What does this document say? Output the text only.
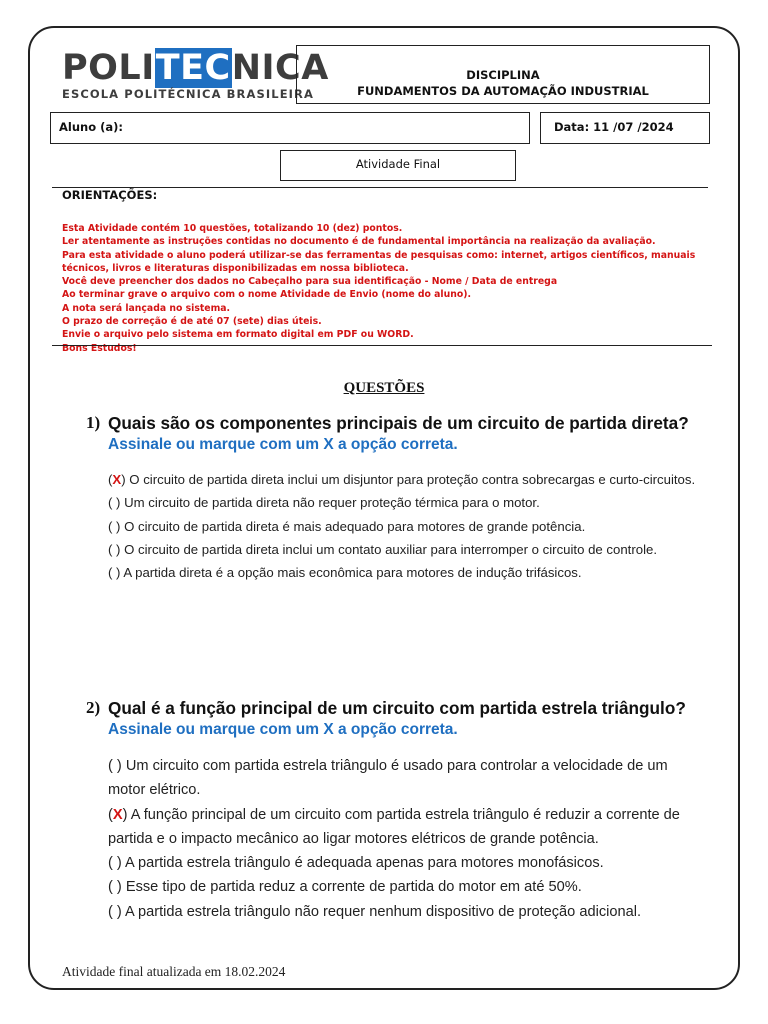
POLITECNICA
ESCOLA POLITÉCNICA BRASILEIRA
DISCIPLINA
FUNDAMENTOS DA AUTOMAÇÃO INDUSTRIAL
Aluno (a):	Data: 11 /07 /2024
Atividade Final
ORIENTAÇÕES:
Esta Atividade contém 10 questões, totalizando 10 (dez) pontos.
Ler atentamente as instruções contidas no documento é de fundamental importância na realização da avaliação.
Para esta atividade o aluno poderá utilizar-se das ferramentas de pesquisas como: internet, artigos científicos, manuais técnicos, livros e literaturas disponibilizadas em nossa biblioteca.
Você deve preencher dos dados no Cabeçalho para sua identificação - Nome / Data de entrega
Ao terminar grave o arquivo com o nome Atividade de Envio (nome do aluno).
A nota será lançada no sistema.
O prazo de correção é de até 07 (sete) dias úteis.
Envie o arquivo pelo sistema em formato digital em PDF ou WORD.
Bons Estudos!
QUESTÕES
1) Quais são os componentes principais de um circuito de partida direta?
Assinale ou marque com um X a opção correta.
(X) O circuito de partida direta inclui um disjuntor para proteção contra sobrecargas e curto-circuitos.
( ) Um circuito de partida direta não requer proteção térmica para o motor.
( ) O circuito de partida direta é mais adequado para motores de grande potência.
( ) O circuito de partida direta inclui um contato auxiliar para interromper o circuito de controle.
( ) A partida direta é a opção mais econômica para motores de indução trifásicos.
2) Qual é a função principal de um circuito com partida estrela triângulo?
Assinale ou marque com um X a opção correta.
( ) Um circuito com partida estrela triângulo é usado para controlar a velocidade de um motor elétrico.
(X) A função principal de um circuito com partida estrela triângulo é reduzir a corrente de partida e o impacto mecânico ao ligar motores elétricos de grande potência.
( ) A partida estrela triângulo é adequada apenas para motores monofásicos.
( ) Esse tipo de partida reduz a corrente de partida do motor em até 50%.
( ) A partida estrela triângulo não requer nenhum dispositivo de proteção adicional.
Atividade final atualizada em 18.02.2024
